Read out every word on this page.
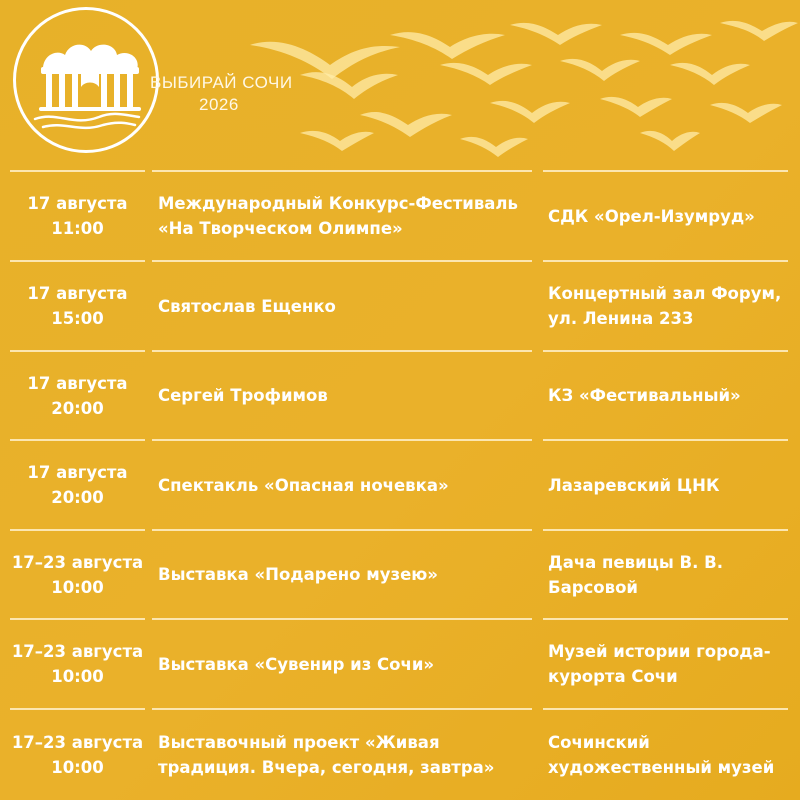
ВЫБИРАЙ СОЧИ
2026
17 августа
11:00
Международный Конкурс-Фестиваль «На Творческом Олимпе»
СДК «Орел-Изумруд»
17 августа
15:00
Святослав Ещенко
Концертный зал Форум, ул. Ленина 233
17 августа
20:00
Сергей Трофимов	КЗ «Фестивальный»
17 августа
20:00
Спектакль «Опасная ночевка»	Лазаревский ЦНК
17–23 августа
10:00
Выставка «Подарено музею»
Дача певицы В. В. Барсовой
17–23 августа
10:00
Выставка «Сувенир из Сочи»
Музей истории города-курорта Сочи
17–23 августа
10:00
Выставочный проект «Живая традиция. Вчера, сегодня, завтра»
Сочинский художественный музей
